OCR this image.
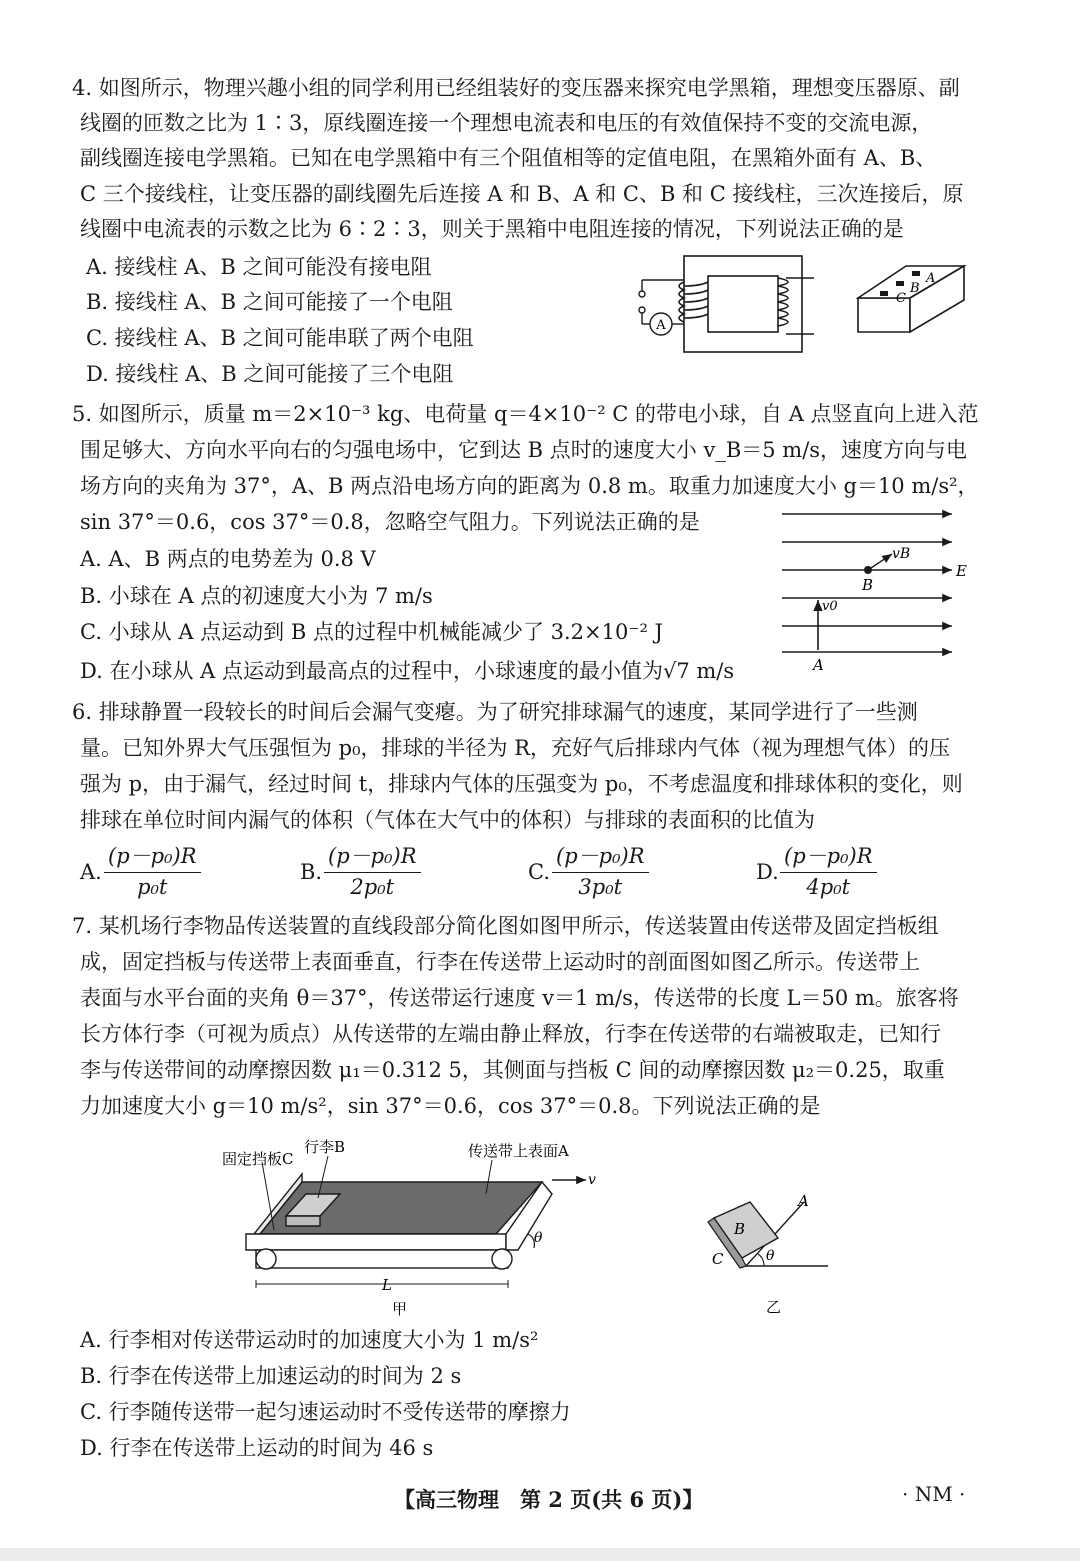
4. 如图所示，物理兴趣小组的同学利用已经组装好的变压器来探究电学黑箱，理想变压器原、副
线圈的匝数之比为 1∶3，原线圈连接一个理想电流表和电压的有效值保持不变的交流电源，
副线圈连接电学黑箱。已知在电学黑箱中有三个阻值相等的定值电阻，在黑箱外面有 A、B、
C 三个接线柱，让变压器的副线圈先后连接 A 和 B、A 和 C、B 和 C 接线柱，三次连接后，原
线圈中电流表的示数之比为 6∶2∶3，则关于黑箱中电阻连接的情况，下列说法正确的是
A. 接线柱 A、B 之间可能没有接电阻
B. 接线柱 A、B 之间可能接了一个电阻
C. 接线柱 A、B 之间可能串联了两个电阻
D. 接线柱 A、B 之间可能接了三个电阻
A
A
B
C
5. 如图所示，质量 m＝2×10⁻³ kg、电荷量 q＝4×10⁻² C 的带电小球，自 A 点竖直向上进入范
围足够大、方向水平向右的匀强电场中，它到达 B 点时的速度大小 v_B＝5 m/s，速度方向与电
场方向的夹角为 37°，A、B 两点沿电场方向的距离为 0.8 m。取重力加速度大小 g＝10 m/s²，
sin 37°＝0.6，cos 37°＝0.8，忽略空气阻力。下列说法正确的是
A. A、B 两点的电势差为 0.8 V
B. 小球在 A 点的初速度大小为 7 m/s
C. 小球从 A 点运动到 B 点的过程中机械能减少了 3.2×10⁻² J
D. 在小球从 A 点运动到最高点的过程中，小球速度的最小值为√7 m/s
vB
B
E
v0
A
6. 排球静置一段较长的时间后会漏气变瘪。为了研究排球漏气的速度，某同学进行了一些测
量。已知外界大气压强恒为 p₀，排球的半径为 R，充好气后排球内气体（视为理想气体）的压
强为 p，由于漏气，经过时间 t，排球内气体的压强变为 p₀，不考虑温度和排球体积的变化，则
排球在单位时间内漏气的体积（气体在大气中的体积）与排球的表面积的比值为
A. $\frac{\text{(p－p₀)R}}{\text{p₀t}}$	B. $\frac{\text{(p－p₀)R}}{\text{2p₀t}}$	C. $\frac{\text{(p－p₀)R}}{\text{3p₀t}}$	D. $\frac{\text{(p－p₀)R}}{\text{4p₀t}}$
7. 某机场行李物品传送装置的直线段部分简化图如图甲所示，传送装置由传送带及固定挡板组
成，固定挡板与传送带上表面垂直，行李在传送带上运动时的剖面图如图乙所示。传送带上
表面与水平台面的夹角 θ＝37°，传送带运行速度 v＝1 m/s，传送带的长度 L＝50 m。旅客将
长方体行李（可视为质点）从传送带的左端由静止释放，行李在传送带的右端被取走，已知行
李与传送带间的动摩擦因数 μ₁＝0.312 5，其侧面与挡板 C 间的动摩擦因数 μ₂＝0.25，取重
力加速度大小 g＝10 m/s²，sin 37°＝0.6，cos 37°＝0.8。下列说法正确的是
θ
固定挡板C
行李B	传送带上表面A
v
L
甲
θ
A
B
C
乙
A. 行李相对传送带运动时的加速度大小为 1 m/s²
B. 行李在传送带上加速运动的时间为 2 s
C. 行李随传送带一起匀速运动时不受传送带的摩擦力
D. 行李在传送带上运动的时间为 46 s
【高三物理　第 2 页(共 6 页)】	· NM ·
